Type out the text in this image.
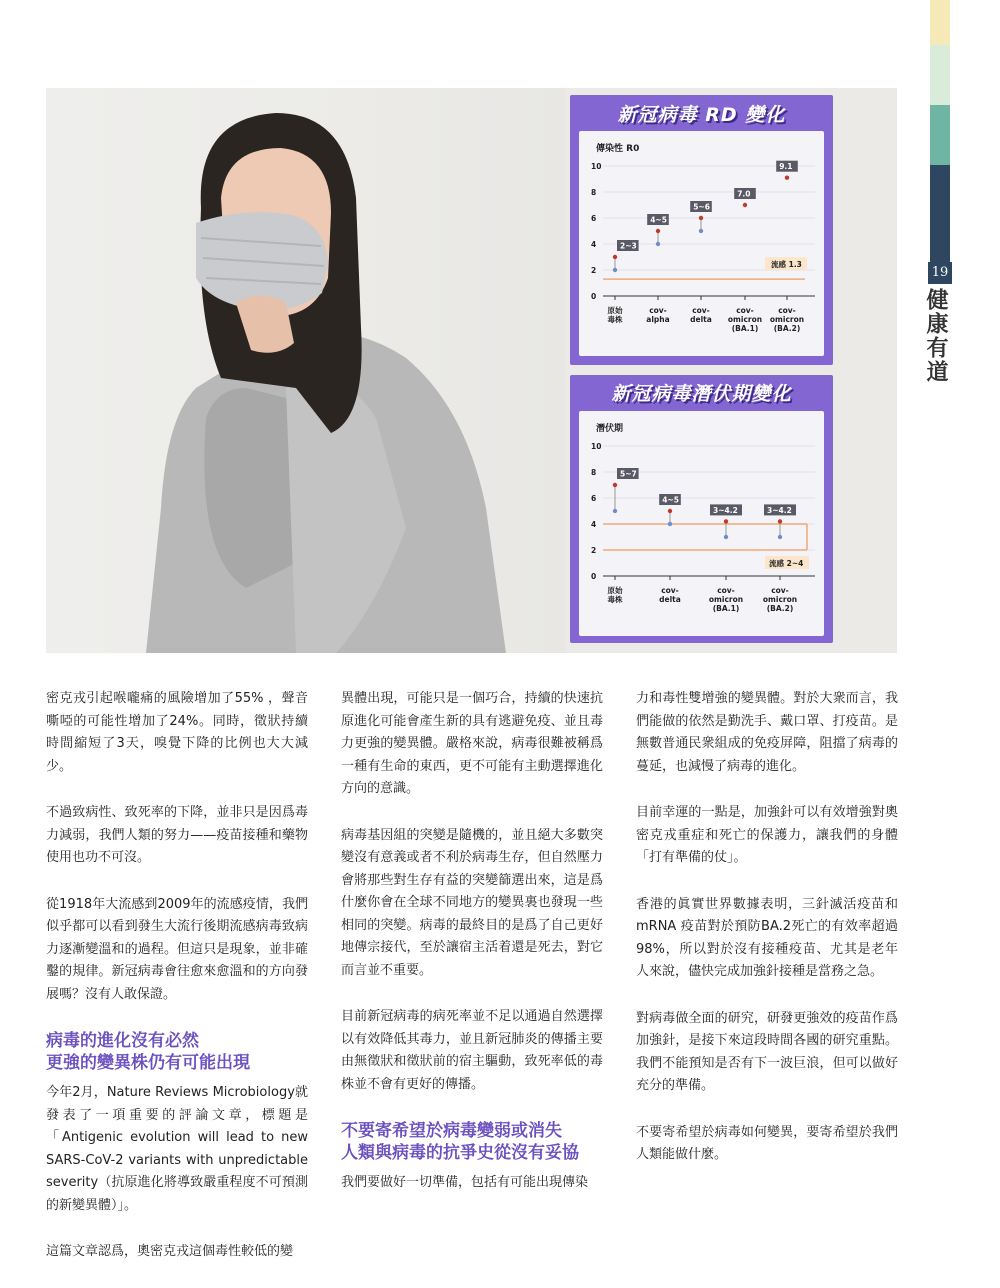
19
健康有道
新冠病毒 RD 變化
傳染性 R0
10
8
6
4
2
0
流感 1.3
2~3
原始
毒株
4~5
cov-
alpha
5~6
cov-
delta
7.0
cov-
omicron
(BA.1)
9.1
cov-
omicron
(BA.2)
新冠病毒潛伏期變化
潛伏期
10
8
6
4
2
0
流感 2~4
5~7
原始
毒株
4~5
cov-
delta
3~4.2
cov-
omicron
(BA.1)
3~4.2
cov-
omicron
(BA.2)

密克戎引起喉嚨痛的風險增加了55% ，聲音嘶啞的可能性增加了24%。同時，徵狀持續時間縮短了3天，嗅覺下降的比例也大大減少。

不過致病性、致死率的下降，並非只是因爲毒力減弱，我們人類的努力——疫苗接種和藥物使用也功不可沒。

從1918年大流感到2009年的流感疫情，我們似乎都可以看到發生大流行後期流感病毒致病力逐漸變溫和的過程。但這只是現象，並非確鑿的規律。新冠病毒會往愈來愈溫和的方向發展嗎？沒有人敢保證。

病毒的進化沒有必然
更強的變異株仍有可能出現

今年2月，Nature Reviews Microbiology就發表了一項重要的評論文章，標題是「Antigenic evolution will lead to new SARS-CoV-2 variants with unpredictable severity（抗原進化將導致嚴重程度不可預測的新變異體）」。

這篇文章認爲，奧密克戎這個毒性較低的變

異體出現，可能只是一個巧合，持續的快速抗原進化可能會產生新的具有逃避免疫、並且毒力更強的變異體。嚴格來說，病毒很難被稱爲一種有生命的東西，更不可能有主動選擇進化方向的意識。

病毒基因組的突變是隨機的，並且絕大多數突變沒有意義或者不利於病毒生存，但自然壓力會將那些對生存有益的突變篩選出來，這是爲什麼你會在全球不同地方的變異裏也發現一些相同的突變。病毒的最終目的是爲了自己更好地傳宗接代，至於讓宿主活着還是死去，對它而言並不重要。

目前新冠病毒的病死率並不足以通過自然選擇以有效降低其毒力，並且新冠肺炎的傳播主要由無徵狀和徵狀前的宿主驅動，致死率低的毒株並不會有更好的傳播。

不要寄希望於病毒變弱或消失
人類與病毒的抗爭史從沒有妥協

我們要做好一切準備，包括有可能出現傳染

力和毒性雙增強的變異體。對於大衆而言，我們能做的依然是勤洗手、戴口罩、打疫苗。是無數普通民衆組成的免疫屏障，阻擋了病毒的蔓延，也減慢了病毒的進化。

目前幸運的一點是，加強針可以有效增強對奧密克戎重症和死亡的保護力，讓我們的身體「打有準備的仗」。

香港的眞實世界數據表明，三針滅活疫苗和mRNA 疫苗對於預防BA.2死亡的有效率超過98%，所以對於沒有接種疫苗、尤其是老年人來說，儘快完成加強針接種是當務之急。

對病毒做全面的研究，研發更強效的疫苗作爲加強針，是接下來這段時間各國的研究重點。我們不能預知是否有下一波巨浪，但可以做好充分的準備。

不要寄希望於病毒如何變異，要寄希望於我們人類能做什麼。
